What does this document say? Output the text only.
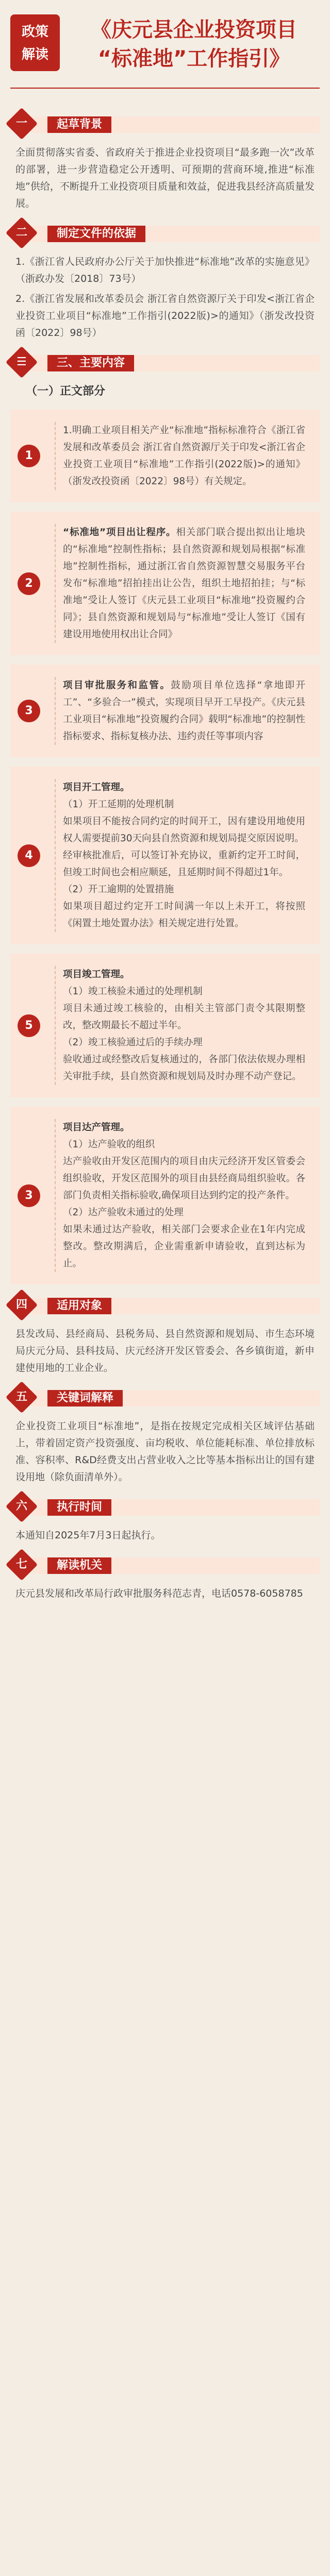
政策
解读
《庆元县企业投资项目
“标准地”工作指引》
一	起草背景

全面贯彻落实省委、省政府关于推进企业投资项目“最多跑一次”改革的部署，进一步营造稳定公开透明、可预期的营商环境,推进“标准地”供给，不断提升工业投资项目质量和效益，促进我县经济高质量发展。

二	制定文件的依据

1.《浙江省人民政府办公厅关于加快推进“标准地”改革的实施意见》（浙政办发〔2018〕73号）

2.《浙江省发展和改革委员会 浙江省自然资源厅关于印发<浙江省企业投资工业项目“标准地”工作指引(2022版)>的通知》（浙发改投资函〔2022〕98号）

☰	三、主要内容
（一）正文部分
1

1.明确工业项目相关产业“标准地”指标标准符合《浙江省发展和改革委员会 浙江省自然资源厅关于印发<浙江省企业投资工业项目“标准地”工作指引(2022版)>的通知》（浙发改投资函〔2022〕98号）有关规定。

2

“标准地”项目出让程序。相关部门联合提出拟出让地块的“标准地”控制性指标；县自然资源和规划局根据“标准地”控制性指标，通过浙江省自然资源智慧交易服务平台发布“标准地”招拍挂出让公告，组织土地招拍挂；与“标准地”受让人签订《庆元县工业项目“标准地”投资履约合同》；县自然资源和规划局与“标准地”受让人签订《国有建设用地使用权出让合同》

3

项目审批服务和监管。鼓励项目单位选择“拿地即开工”、“多验合一”模式，实现项目早开工早投产。《庆元县工业项目“标准地”投资履约合同》载明“标准地”的控制性指标要求、指标复核办法、违约责任等事项内容

4

项目开工管理。

（1）开工延期的处理机制

如果项目不能按合同约定的时间开工，因有建设用地使用权人需要提前30天向县自然资源和规划局提交原因说明。

经审核批准后，可以签订补充协议，重新约定开工时间，但竣工时间也会相应顺延，且延期时间不得超过1年。

（2）开工逾期的处置措施

如果项目超过约定开工时间满一年以上未开工，将按照《闲置土地处置办法》相关规定进行处置。

5

项目竣工管理。

（1）竣工核验未通过的处理机制

项目未通过竣工核验的，由相关主管部门责令其限期整改，整改期最长不超过半年。

（2）竣工核验通过后的手续办理

验收通过或经整改后复核通过的，各部门依法依规办理相关审批手续，县自然资源和规划局及时办理不动产登记。

3

项目达产管理。

（1）达产验收的组织

达产验收由开发区范围内的项目由庆元经济开发区管委会组织验收，开发区范围外的项目由县经商局组织验收。各部门负责相关指标验收,确保项目达到约定的投产条件。

（2）达产验收未通过的处理

如果未通过达产验收，相关部门会要求企业在1年内完成整改。整改期满后，企业需重新申请验收，直到达标为止。

四	适用对象

县发改局、县经商局、县税务局、县自然资源和规划局、市生态环境局庆元分局、县科技局、庆元经济开发区管委会、各乡镇街道，新申建使用地的工业企业。

五	关键词解释

企业投资工业项目“标准地”，是指在按规定完成相关区域评估基础上，带着固定资产投资强度、亩均税收、单位能耗标准、单位排放标准、容积率、R&D经费支出占营业收入之比等基本指标出让的国有建设用地（除负面清单外）。

六	执行时间

本通知自2025年7月3日起执行。

七	解读机关

庆元县发展和改革局行政审批服务科范志青，电话0578-6058785
